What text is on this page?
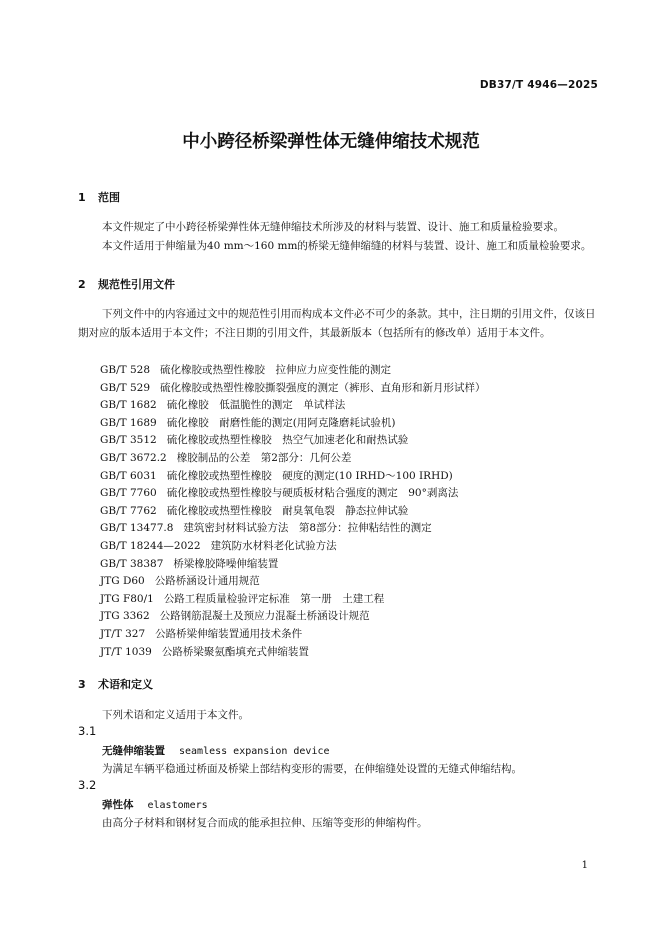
DB37/T 4946—2025
中小跨径桥梁弹性体无缝伸缩技术规范
1 范围
本文件规定了中小跨径桥梁弹性体无缝伸缩技术所涉及的材料与装置、设计、施工和质量检验要求。
本文件适用于伸缩量为40 mm～160 mm的桥梁无缝伸缩缝的材料与装置、设计、施工和质量检验要求。
2 规范性引用文件
下列文件中的内容通过文中的规范性引用而构成本文件必不可少的条款。其中，注日期的引用文件，仅该日期对应的版本适用于本文件；不注日期的引用文件，其最新版本（包括所有的修改单）适用于本文件。
GB/T 528 硫化橡胶或热塑性橡胶　拉伸应力应变性能的测定
GB/T 529 硫化橡胶或热塑性橡胶撕裂强度的测定（裤形、直角形和新月形试样）
GB/T 1682 硫化橡胶　低温脆性的测定　单试样法
GB/T 1689 硫化橡胶　耐磨性能的测定(用阿克隆磨耗试验机)
GB/T 3512 硫化橡胶或热塑性橡胶　热空气加速老化和耐热试验
GB/T 3672.2 橡胶制品的公差　第2部分：几何公差
GB/T 6031 硫化橡胶或热塑性橡胶　硬度的测定(10 IRHD～100 IRHD)
GB/T 7760 硫化橡胶或热塑性橡胶与硬质板材粘合强度的测定　90°剥离法
GB/T 7762 硫化橡胶或热塑性橡胶　耐臭氧龟裂　静态拉伸试验
GB/T 13477.8 建筑密封材料试验方法　第8部分：拉伸粘结性的测定
GB/T 18244—2022 建筑防水材料老化试验方法
GB/T 38387 桥梁橡胶降噪伸缩装置
JTG D60 公路桥涵设计通用规范
JTG F80/1 公路工程质量检验评定标准　第一册　土建工程
JTG 3362 公路钢筋混凝土及预应力混凝土桥涵设计规范
JT/T 327 公路桥梁伸缩装置通用技术条件
JT/T 1039 公路桥梁聚氨酯填充式伸缩装置
3 术语和定义
下列术语和定义适用于本文件。
3.1
无缝伸缩装置 seamless expansion device
为满足车辆平稳通过桥面及桥梁上部结构变形的需要，在伸缩缝处设置的无缝式伸缩结构。
3.2
弹性体 elastomers
由高分子材料和钢材复合而成的能承担拉伸、压缩等变形的伸缩构件。
1
